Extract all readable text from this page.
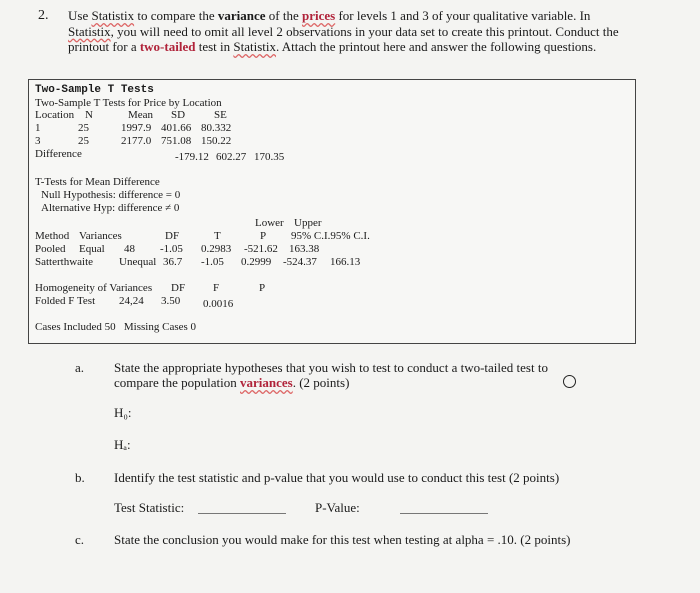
2. Use Statistix to compare the variance of the prices for levels 1 and 3 of your qualitative variable. In Statistix, you will need to omit all level 2 observations in your data set to create this printout. Conduct the printout for a two-tailed test in Statistix. Attach the printout here and answer the following questions.
Two-Sample T Tests
Two-Sample T Tests for Price by Location
Location N	Mean SD	SE
1	25	1997.9 401.66 80.332
3	25	2177.0 751.08 150.22
Difference	-179.12 602.27 170.35
T-Tests for Mean Difference
Null Hypothesis: difference = 0
Alternative Hyp: difference ≠ 0
Lower Upper
Method Variances	DF	T	P 95% C.I.95% C.I.
Pooled Equal 48 -1.05 0.2983 -521.62 163.38
Satterthwaite Unequal 36.7 -1.05 0.2999 -524.37 166.13
Homogeneity of Variances DF	F	P
Folded F Test 24,24 3.50 0.0016
Cases Included 50   Missing Cases 0
a. State the appropriate hypotheses that you wish to test to conduct a two-tailed test to
compare the population variances. (2 points)
H₀:
Hₐ:
b. Identify the test statistic and p-value that you would use to conduct this test (2 points)
Test Statistic:	P-Value:
c. State the conclusion you would make for this test when testing at alpha = .10. (2 points)
